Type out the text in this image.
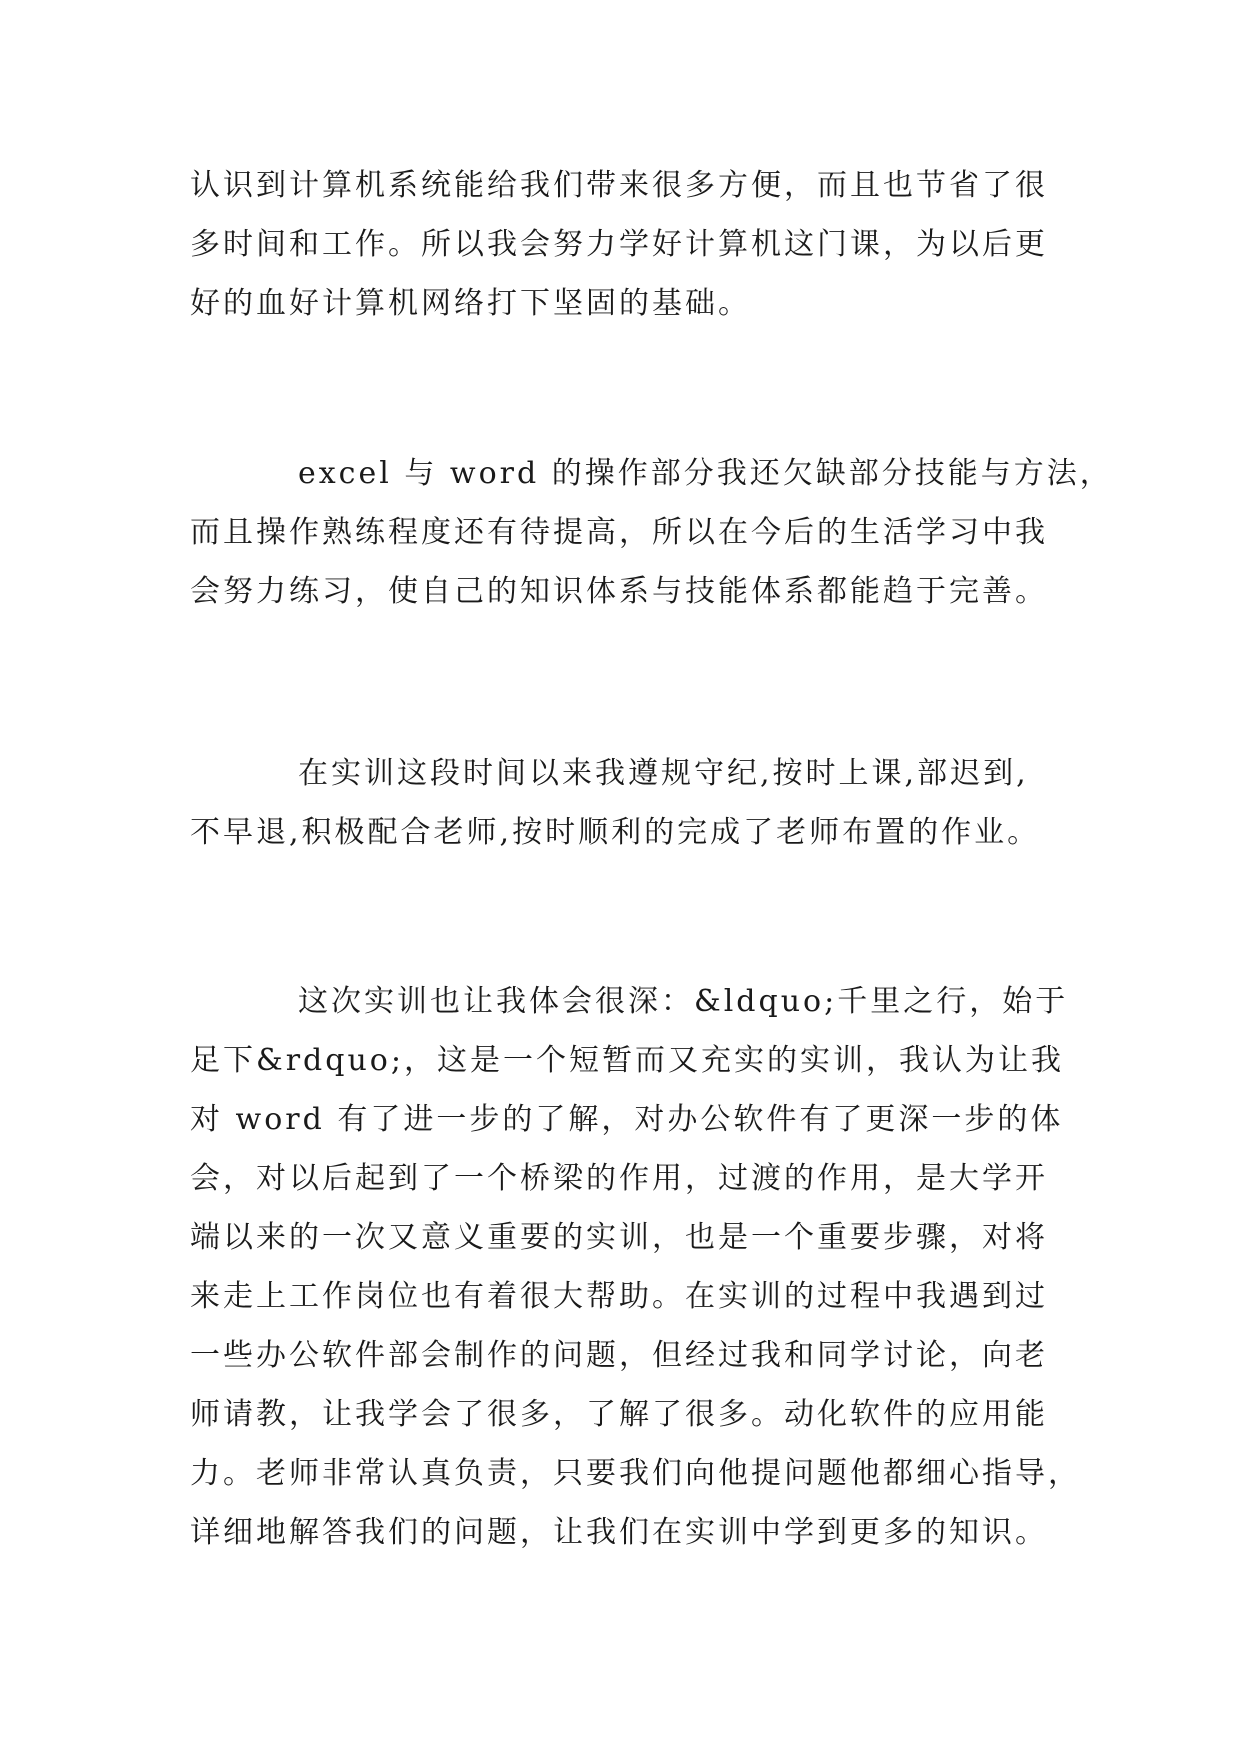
认识到计算机系统能给我们带来很多方便，而且也节省了很
多时间和工作。所以我会努力学好计算机这门课，为以后更
好的血好计算机网络打下坚固的基础。

excel 与 word 的操作部分我还欠缺部分技能与方法，
而且操作熟练程度还有待提高，所以在今后的生活学习中我
会努力练习，使自己的知识体系与技能体系都能趋于完善。

在实训这段时间以来我遵规守纪,按时上课,部迟到,
不早退,积极配合老师,按时顺利的完成了老师布置的作业。

这次实训也让我体会很深：&ldquo;千里之行，始于
足下&rdquo;，这是一个短暂而又充实的实训，我认为让我
对 word 有了进一步的了解，对办公软件有了更深一步的体
会，对以后起到了一个桥梁的作用，过渡的作用，是大学开
端以来的一次又意义重要的实训，也是一个重要步骤，对将
来走上工作岗位也有着很大帮助。在实训的过程中我遇到过
一些办公软件部会制作的问题，但经过我和同学讨论，向老
师请教，让我学会了很多，了解了很多。动化软件的应用能
力。老师非常认真负责，只要我们向他提问题他都细心指导，
详细地解答我们的问题，让我们在实训中学到更多的知识。
